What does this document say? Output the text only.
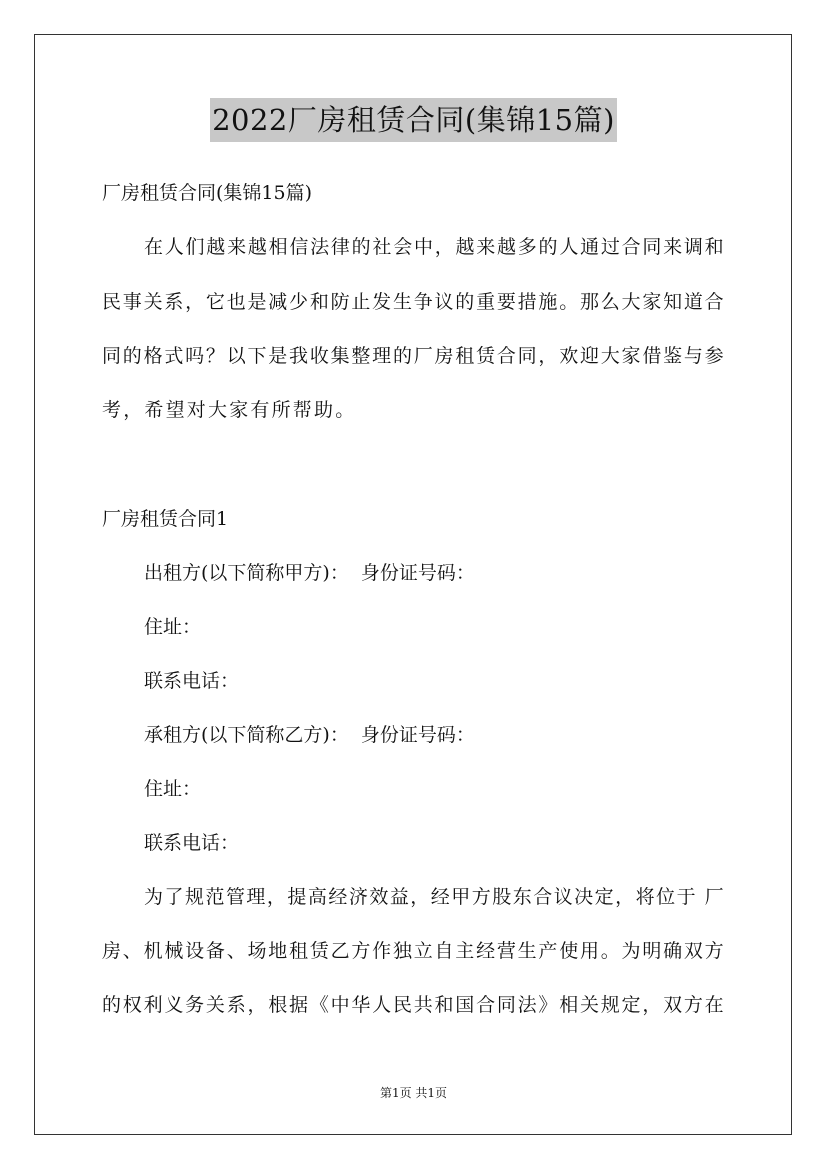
2022厂房租赁合同(集锦15篇)
厂房租赁合同(集锦15篇)
在 人 们 越 来 越 相 信 法 律 的 社 会 中 ， 越 来 越 多 的 人 通 过 合 同 来 调 和
民 事 关 系 ， 它 也 是 减 少 和 防 止 发 生 争 议 的 重 要 措 施 。 那 么 大 家 知 道 合
同 的 格 式 吗 ？ 以 下 是 我 收 集 整 理 的 厂 房 租 赁 合 同 ， 欢 迎 大 家 借 鉴 与 参
考，希望对大家有所帮助。
厂房租赁合同1
出租方(以下简称甲方)：  身份证号码：
住址：
联系电话：
承租方(以下简称乙方)：  身份证号码：
住址：
联系电话：
为 了 规 范 管 理 ， 提 高 经 济 效 益 ， 经 甲 方 股 东 合 议 决 定 ， 将 位 于
厂
房 、 机 械 设 备 、 场 地 租 赁 乙 方 作 独 立 自 主 经 营 生 产 使 用 。 为 明 确 双 方
的 权 利 义 务 关 系 ， 根 据 《 中 华 人 民 共 和 国 合 同 法 》 相 关 规 定 ， 双 方 在
第1页 共1页
